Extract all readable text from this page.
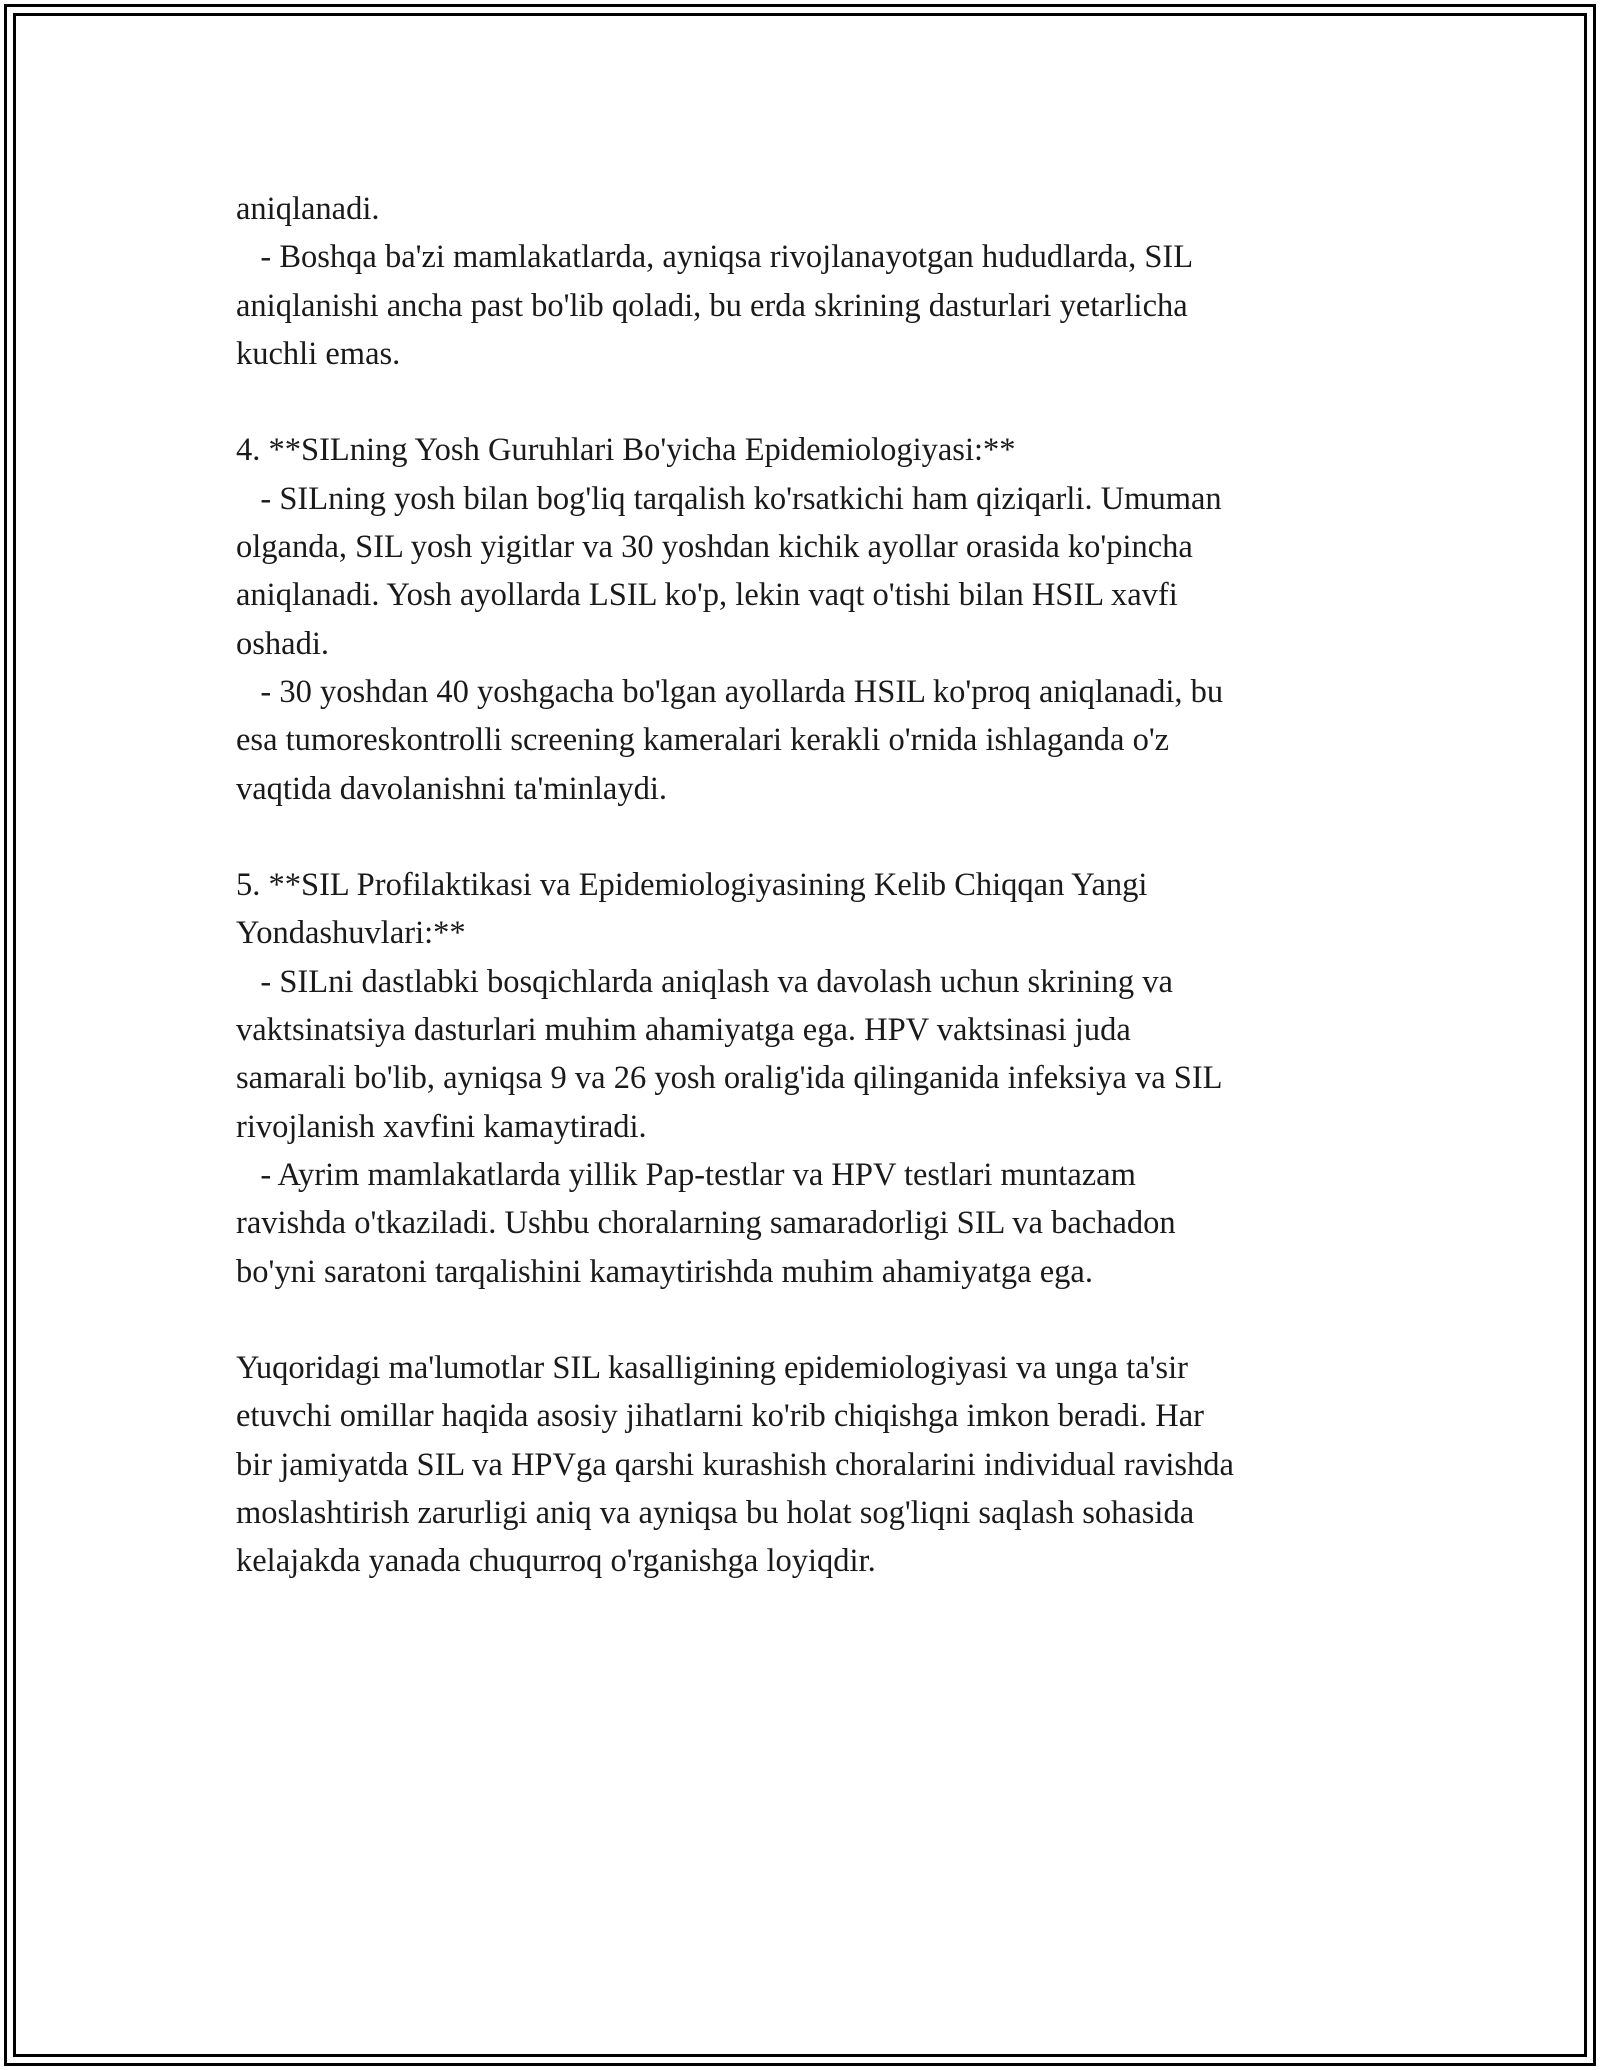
aniqlanadi.
- Boshqa ba'zi mamlakatlarda, ayniqsa rivojlanayotgan hududlarda, SIL
aniqlanishi ancha past bo'lib qoladi, bu erda skrining dasturlari yetarlicha
kuchli emas.
4. **SILning Yosh Guruhlari Bo'yicha Epidemiologiyasi:**
- SILning yosh bilan bog'liq tarqalish ko'rsatkichi ham qiziqarli. Umuman
olganda, SIL yosh yigitlar va 30 yoshdan kichik ayollar orasida ko'pincha
aniqlanadi. Yosh ayollarda LSIL ko'p, lekin vaqt o'tishi bilan HSIL xavfi
oshadi.
- 30 yoshdan 40 yoshgacha bo'lgan ayollarda HSIL ko'proq aniqlanadi, bu
esa tumoreskontrolli screening kameralari kerakli o'rnida ishlaganda o'z
vaqtida davolanishni ta'minlaydi.
5. **SIL Profilaktikasi va Epidemiologiyasining Kelib Chiqqan Yangi
Yondashuvlari:**
- SILni dastlabki bosqichlarda aniqlash va davolash uchun skrining va
vaktsinatsiya dasturlari muhim ahamiyatga ega. HPV vaktsinasi juda
samarali bo'lib, ayniqsa 9 va 26 yosh oralig'ida qilinganida infeksiya va SIL
rivojlanish xavfini kamaytiradi.
- Ayrim mamlakatlarda yillik Pap-testlar va HPV testlari muntazam
ravishda o'tkaziladi. Ushbu choralarning samaradorligi SIL va bachadon
bo'yni saratoni tarqalishini kamaytirishda muhim ahamiyatga ega.
Yuqoridagi ma'lumotlar SIL kasalligining epidemiologiyasi va unga ta'sir
etuvchi omillar haqida asosiy jihatlarni ko'rib chiqishga imkon beradi. Har
bir jamiyatda SIL va HPVga qarshi kurashish choralarini individual ravishda
moslashtirish zarurligi aniq va ayniqsa bu holat sog'liqni saqlash sohasida
kelajakda yanada chuqurroq o'rganishga loyiqdir.
